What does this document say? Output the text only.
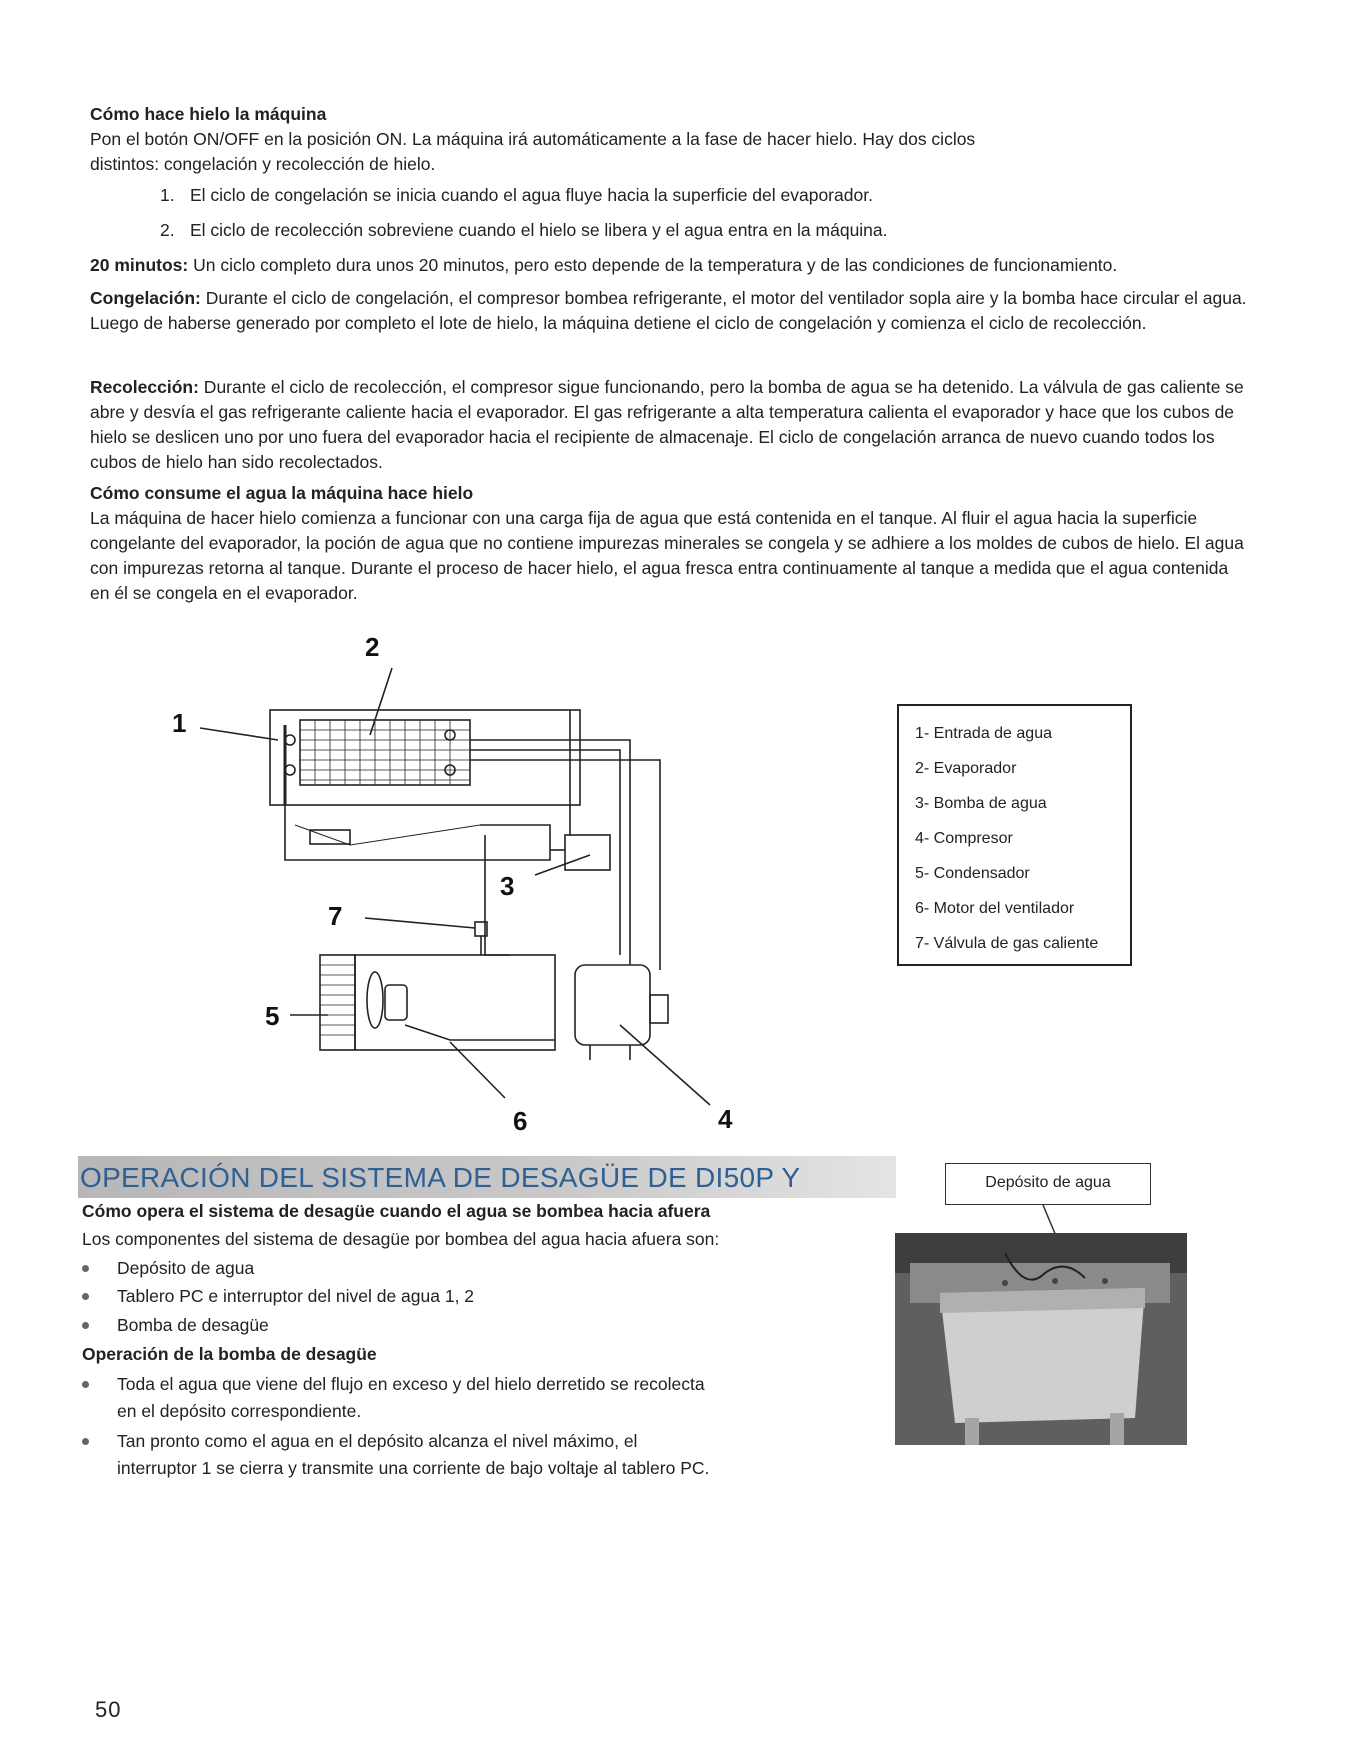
Cómo hace hielo la máquina
Pon el botón ON/OFF en la posición ON. La máquina irá automáticamente a la fase de hacer hielo. Hay dos ciclos
distintos: congelación y recolección de hielo.
1. El ciclo de congelación se inicia cuando el agua fluye hacia la superficie del evaporador.
2. El ciclo de recolección sobreviene cuando el hielo se libera y el agua entra en la máquina.
20 minutos: Un ciclo completo dura unos 20 minutos, pero esto depende de la temperatura y de las condiciones de funcionamiento.
Congelación: Durante el ciclo de congelación, el compresor bombea refrigerante, el motor del ventilador sopla aire y la bomba hace circular el agua. Luego de haberse generado por completo el lote de hielo, la máquina detiene el ciclo de congelación y comienza el ciclo de recolección.
Recolección: Durante el ciclo de recolección, el compresor sigue funcionando, pero la bomba de agua se ha detenido. La válvula de gas caliente se abre y desvía el gas refrigerante caliente hacia el evaporador. El gas refrigerante a alta temperatura calienta el evaporador y hace que los cubos de hielo se deslicen uno por uno fuera del evaporador hacia el recipiente de almacenaje. El ciclo de congelación arranca de nuevo cuando todos los cubos de hielo han sido recolectados.
Cómo consume el agua la máquina hace hielo
La máquina de hacer hielo comienza a funcionar con una carga fija de agua que está contenida en el tanque. Al fluir el agua hacia la superficie congelante del evaporador, la poción de agua que no contiene impurezas minerales se congela y se adhiere a los moldes de cubos de hielo. El agua con impurezas retorna al tanque. Durante el proceso de hacer hielo, el agua fresca entra continuamente al tanque a medida que el agua contenida en él se congela en el evaporador.
1
2
3
4
5
6
7
1- Entrada de agua
2- Evaporador
3- Bomba de agua
4- Compresor
5- Condensador
6- Motor del ventilador
7- Válvula de gas caliente
OPERACIÓN DEL SISTEMA DE DESAGÜE DE DI50P Y
Cómo opera el sistema de desagüe cuando el agua se bombea hacia afuera
Los componentes del sistema de desagüe por bombea del agua hacia afuera son:
Depósito de agua
Tablero PC e interruptor del nivel de agua 1, 2
Bomba de desagüe
Operación de la bomba de desagüe
Toda el agua que viene del flujo en exceso y del hielo derretido se recolecta
en el depósito correspondiente.
Tan pronto como el agua en el depósito alcanza el nivel máximo, el
interruptor 1 se cierra y transmite una corriente de bajo voltaje al tablero PC.
Depósito de agua
50
